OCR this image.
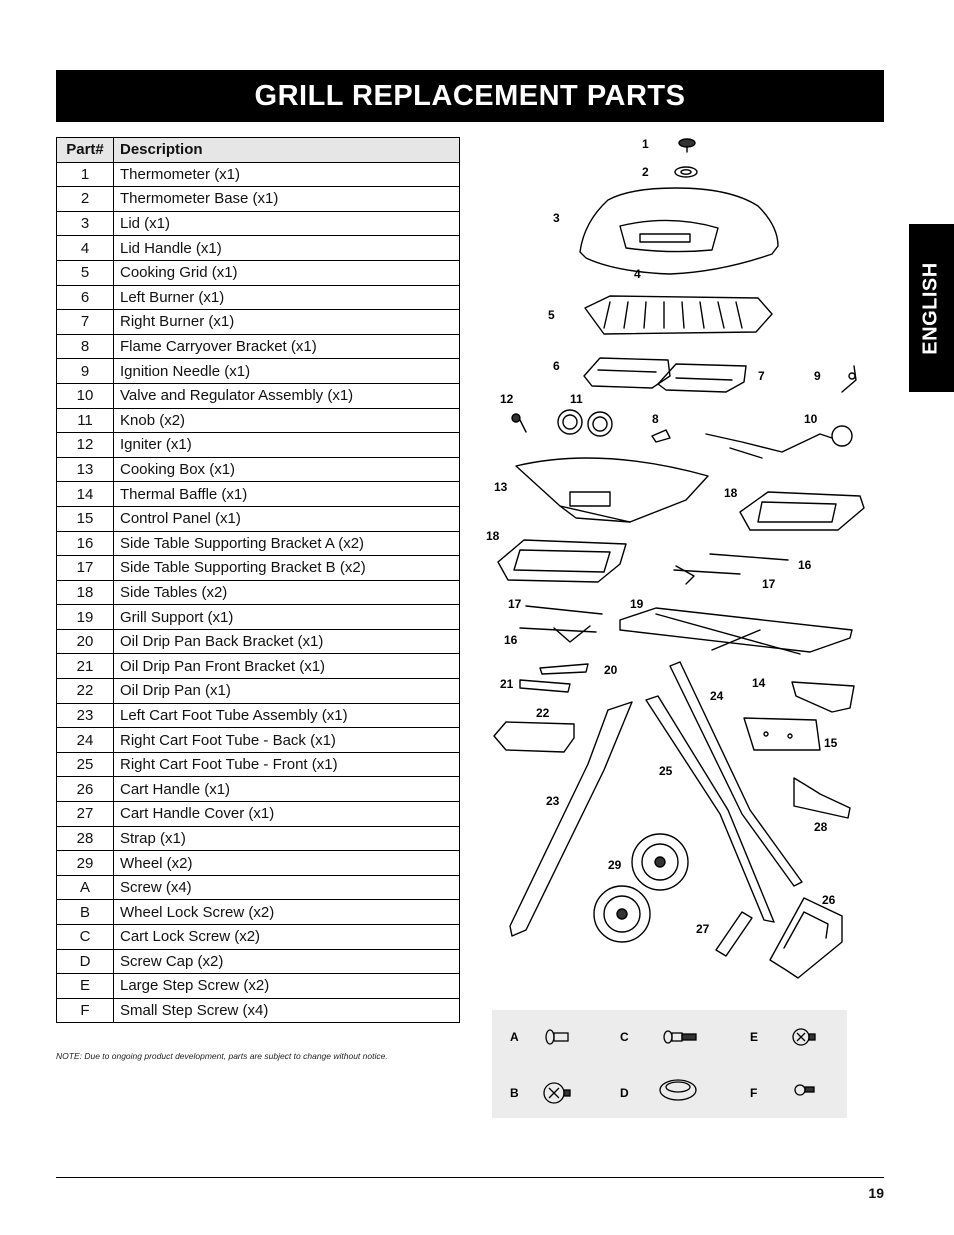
GRILL REPLACEMENT PARTS
ENGLISH
Part#	Description
1	Thermometer (x1)
2	Thermometer Base (x1)
3	Lid (x1)
4	Lid Handle (x1)
5	Cooking Grid (x1)
6	Left Burner (x1)
7	Right Burner (x1)
8	Flame Carryover Bracket (x1)
9	Ignition Needle (x1)
10	Valve and Regulator Assembly (x1)
11	Knob (x2)
12	Igniter (x1)
13	Cooking Box (x1)
14	Thermal Baffle (x1)
15	Control Panel (x1)
16	Side Table Supporting Bracket A (x2)
17	Side Table Supporting Bracket B (x2)
18	Side Tables (x2)
19	Grill Support (x1)
20	Oil Drip Pan Back Bracket (x1)
21	Oil Drip Pan Front Bracket (x1)
22	Oil Drip Pan (x1)
23	Left Cart Foot Tube Assembly (x1)
24	Right Cart Foot Tube - Back (x1)
25	Right Cart Foot Tube - Front (x1)
26	Cart Handle (x1)
27	Cart Handle Cover (x1)
28	Strap (x1)
29	Wheel (x2)
A	Screw (x4)
B	Wheel Lock Screw (x2)
C	Cart Lock Screw (x2)
D	Screw Cap (x2)
E	Large Step Screw (x2)
F	Small Step Screw (x4)
NOTE: Due to ongoing product development, parts are subject to change without notice.
1
2
3
4
5
6
7	9
12	11
8	10
13	18
18
16
17
17	19
16
20
21	14
24
22
15
25
23
28
29
26
27
A	C	E
B	D	F
19
